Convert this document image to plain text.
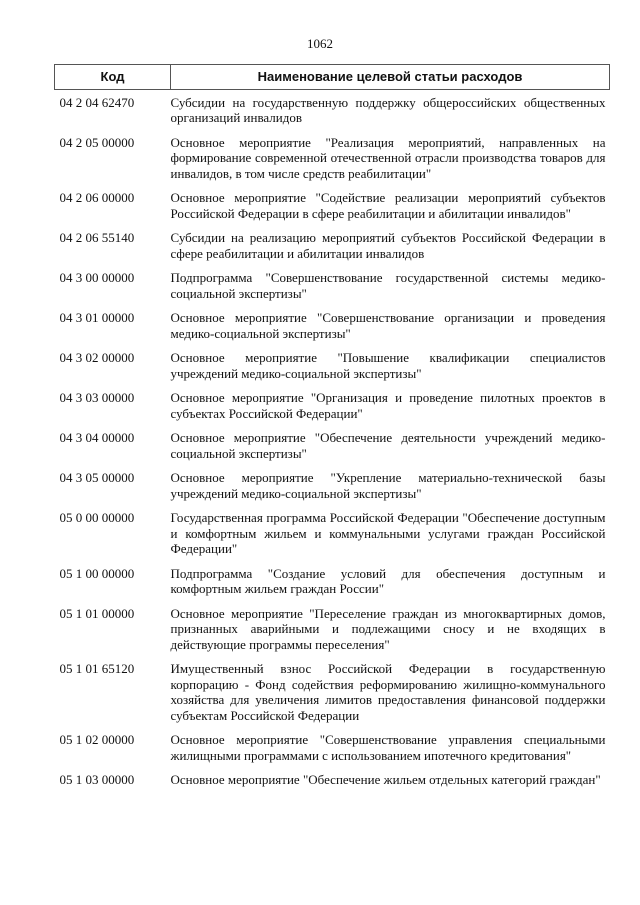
1062
Код	Наименование целевой статьи расходов
04 2 04 62470	Субсидии на государственную поддержку общероссийских общественных организаций инвалидов
04 2 05 00000	Основное мероприятие "Реализация мероприятий, направленных на формирование современной отечественной отрасли производства товаров для инвалидов, в том числе средств реабилитации"
04 2 06 00000	Основное мероприятие "Содействие реализации мероприятий субъектов Российской Федерации в сфере реабилитации и абилитации инвалидов"
04 2 06 55140	Субсидии на реализацию мероприятий субъектов Российской Федерации в сфере реабилитации и абилитации инвалидов
04 3 00 00000	Подпрограмма "Совершенствование государственной системы медико-социальной экспертизы"
04 3 01 00000	Основное мероприятие "Совершенствование организации и проведения медико-социальной экспертизы"
04 3 02 00000	Основное мероприятие "Повышение квалификации специалистов учреждений медико-социальной экспертизы"
04 3 03 00000	Основное мероприятие "Организация и проведение пилотных проектов в субъектах Российской Федерации"
04 3 04 00000	Основное мероприятие "Обеспечение деятельности учреждений медико-социальной экспертизы"
04 3 05 00000	Основное мероприятие "Укрепление материально-технической базы учреждений медико-социальной экспертизы"
05 0 00 00000	Государственная программа Российской Федерации "Обеспечение доступным и комфортным жильем и коммунальными услугами граждан Российской Федерации"
05 1 00 00000	Подпрограмма "Создание условий для обеспечения доступным и комфортным жильем граждан России"
05 1 01 00000	Основное мероприятие "Переселение граждан из многоквартирных домов, признанных аварийными и подлежащими сносу и не входящих в действующие программы переселения"
05 1 01 65120	Имущественный взнос Российской Федерации в государственную корпорацию - Фонд содействия реформированию жилищно-коммунального хозяйства для увеличения лимитов предоставления финансовой поддержки субъектам Российской Федерации
05 1 02 00000	Основное мероприятие "Совершенствование управления специальными жилищными программами с использованием ипотечного кредитования"
05 1 03 00000	Основное мероприятие "Обеспечение жильем отдельных категорий граждан"
